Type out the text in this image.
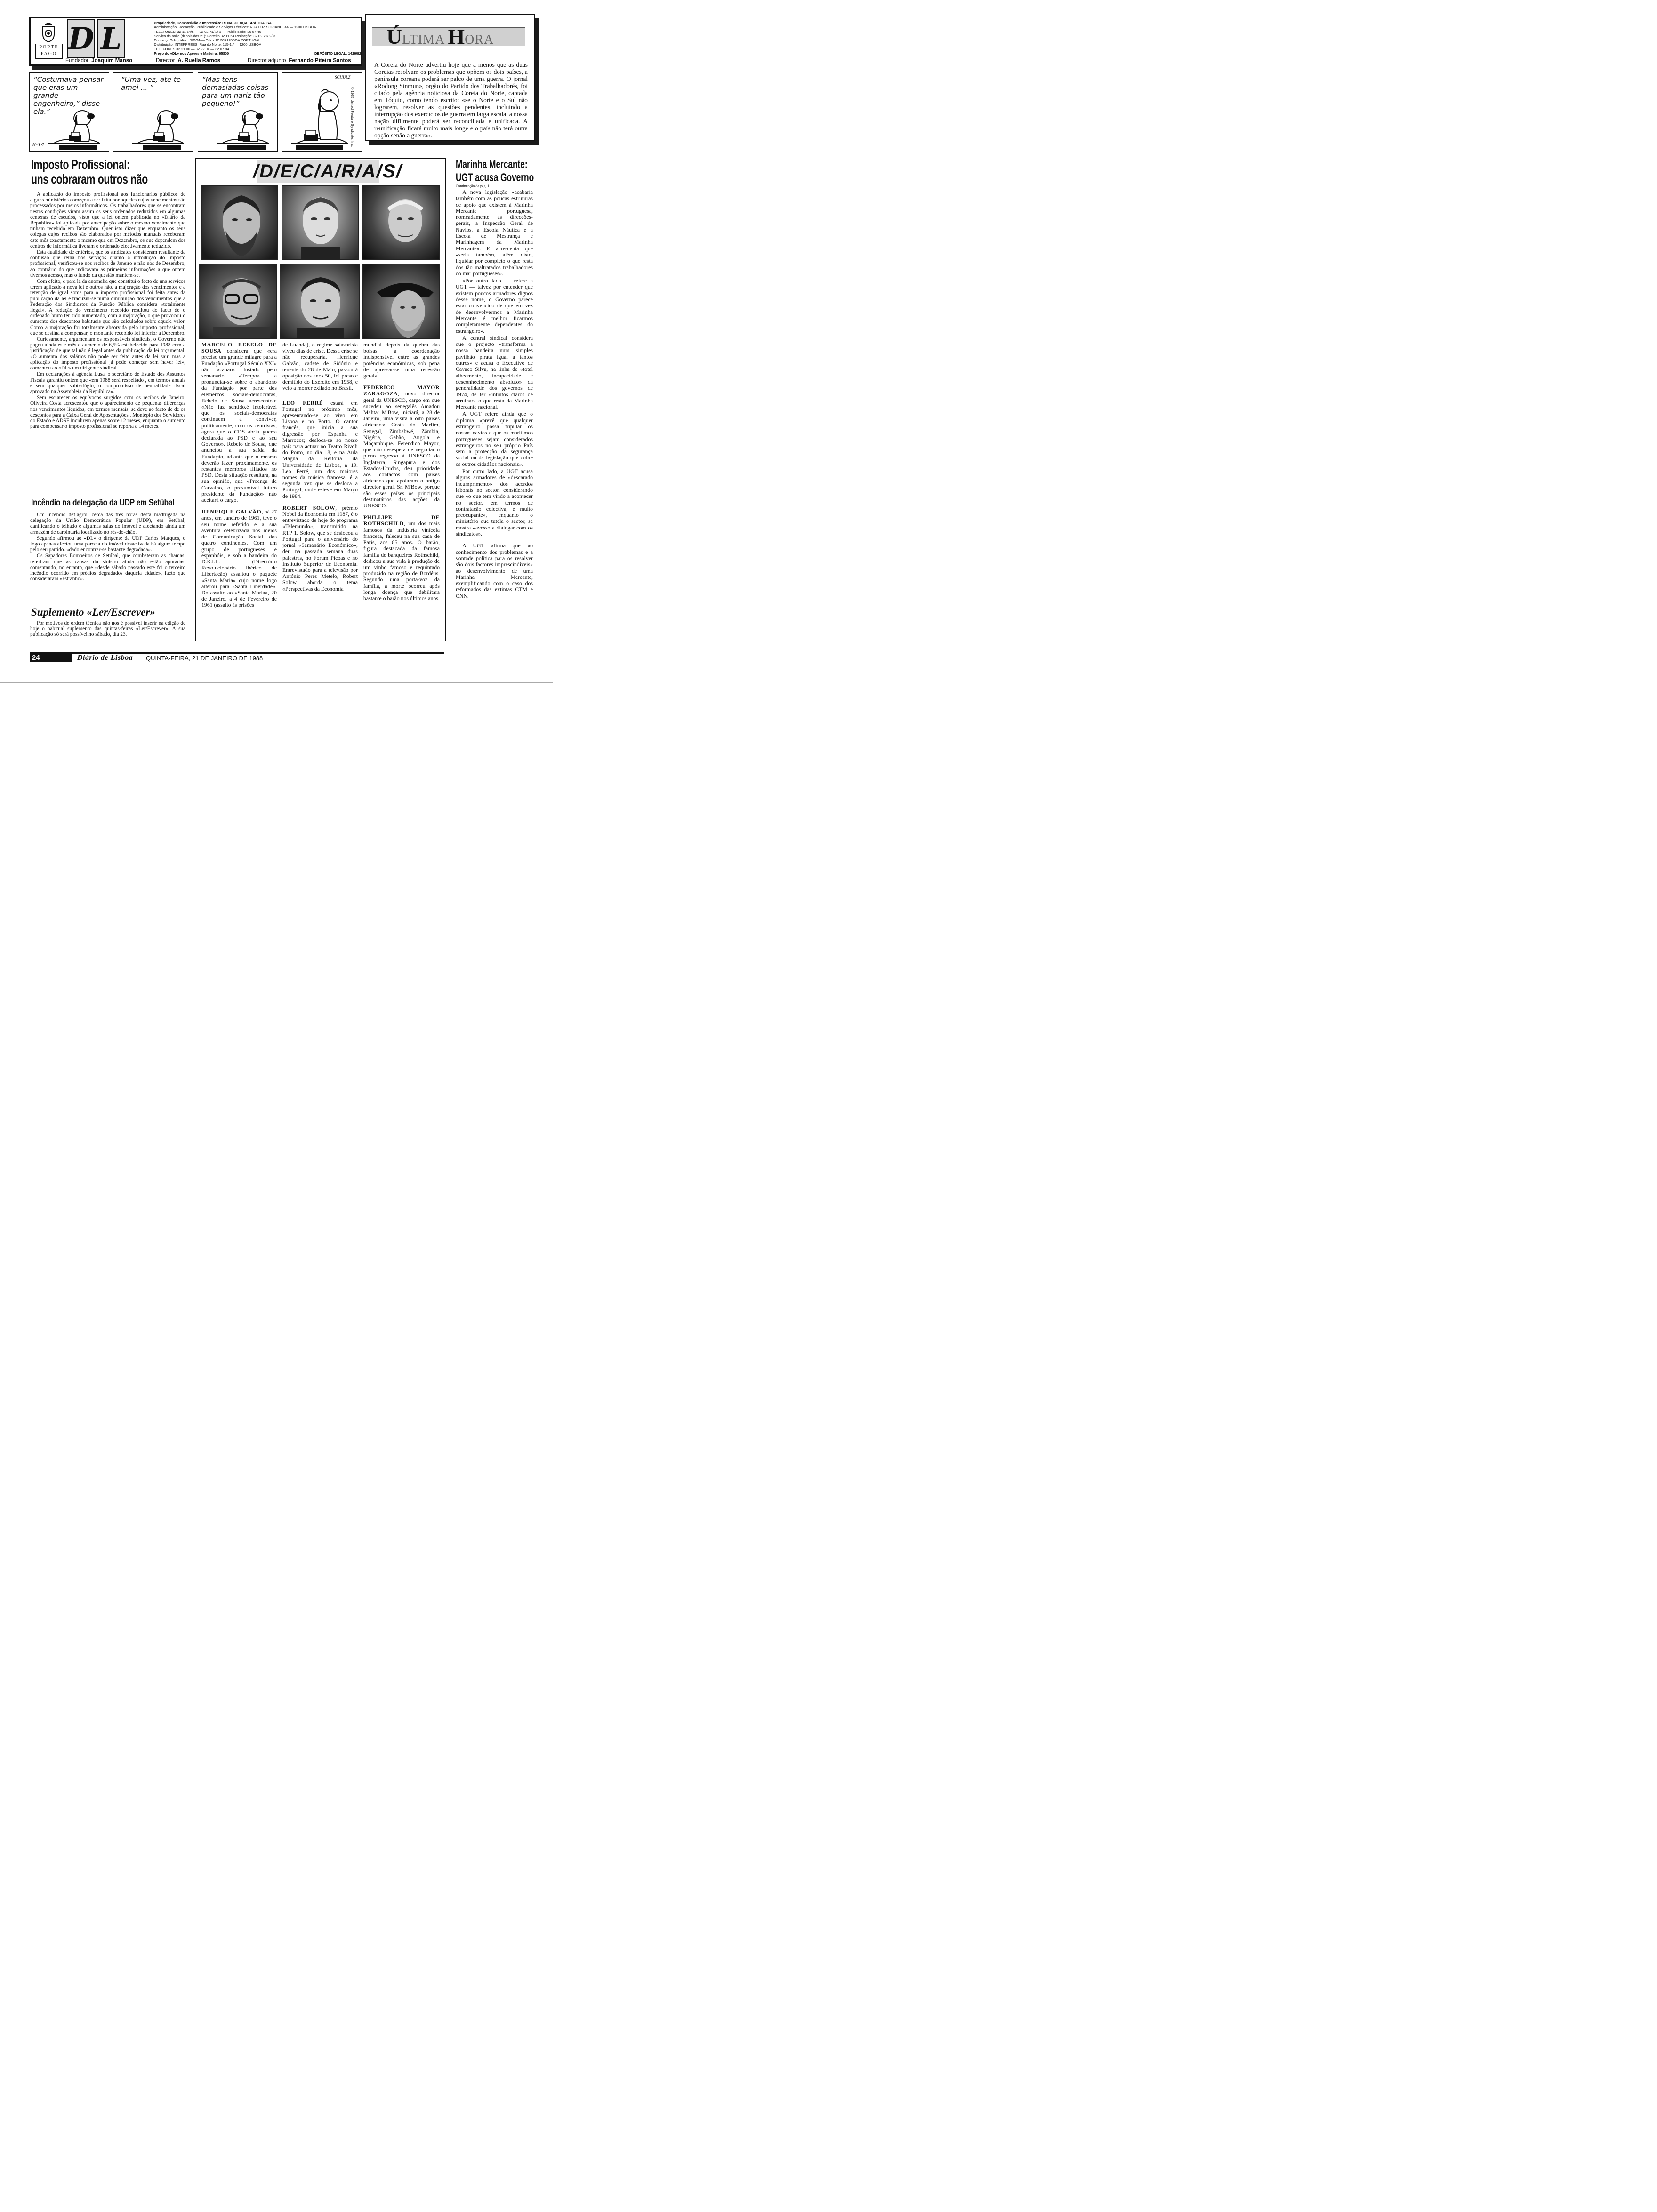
PORTE
PAGO D L	Propriedade, Composição e Impressão: RENASCENÇA GRÁFICA, SA
Administração, Redacção, Publicidade e Serviços Técnicos: RUA LUZ SORIANO, 44 — 1200 LISBOA
TELEFONES: 32 11 54/5 — 32 02 71/ 2/ 3 — Publicidade: 36 87 40
Serviço da noite (depois das 21): Porteiro 32 11 54 Redacção: 32 02 71/ 2/ 3
Endereço Telegráfico: DIBOA — Telex 12 363 LISBOA PORTUGAL
Distribuição: INTERPRESS, Rua do Norte, 115-1.º — 1200 LISBOA
TELEFONES 32 21 00 — 32 22 04 — 32 07 84
Preço do «DL» nos Açores e Madeira: 65$00	DEPÓSITO LEGAL: 1426/82
Fundador Joaquim Manso	Director A. Ruella Ramos	Director adjunto Fernando Piteira Santos
ÚLTIMA HORA
A Coreia do Norte advertiu hoje que a menos que as duas Coreias resolvam os problemas que opõem os dois países, a península coreana poderá ser palco de uma guerra. O jornal «Rodong Sinmun», orgão do Partido dos Trabalhadorés, foi citado pela agência noticiosa da Coreia do Norte, captada em Tóquio, como tendo escrito: «se o Norte e o Sul não lograrem, resolver as questões pendentes, incluindo a interrupção dos exercícios de guerra em larga escala, a nossa nação difilmente poderá ser reconciliada e unificada. A reunificação ficará muito mais longe e o país não terá outra opção senão a guerra».
“Costumava pensar que eras um grande engenheiro,” disse ela.”
8-14
“Uma vez, ate te amei ... ”
“Mas tens demasiadas coisas para um nariz tão pequeno!”
SCHULZ
© 1965 United Feature Syndicate, Inc.
Imposto Profissional:
uns cobraram outros não

A aplicação do imposto profissional aos funcionários públicos de alguns ministérios começou a ser feita por aqueles cujos vencimentos são processados por meios informáticos. Os trabalhadores que se encontram nestas condições viram assim os seus ordenados reduzidos em algumas centenas de escudos, visto que a lei ontem publicada no «Diário da República» foi aplicada por antecipação sobre o mesmo vencimento que tinham recebido em Dezembro. Quer isto dizer que enquanto os seus colegas cujos recibos são elaborados por métodos manuais receberam este mês exactamente o mesmo que em Dezembro, os que dependem dos centros de informática tiveram o ordenado efectivamente reduzido.

Esta dualidade de critérios, que os sindicatos consideram resultante da confusão que reina nos serviços quanto à introdução do imposto profissional, verificou-se nos recibos de Janeiro e não nos de Dezembro, ao contrário do que indicavam as primeiras informações a que ontem tivemos acesso, mas o fundo da questão mantem-se.

Com efeito, e para lá da anomalia que constitui o facto de uns serviços terem aplicado a nova lei e outros não, a majoração dos vencimentos e a retenção de igual soma para o imposto profissional foi feita antes da publicação da lei e traduziu-se numa diminuição dos vencimentos que a Federação dos Sindicatos da Função Pública considera «totalmente ilegal». A redução do vencimeno recebido resultou do facto de o ordenado bruto ter sido aumentado, com a majoração, o que provocou o aumento dos descontos habituais que são calculados sobre aquele valor. Como a majoração foi totalmente absorvida pelo imposto profissional, que se destina a compensar, o montante recebido foi inferior a Dezembro.

Curiosamente, argumentam os responsáveis sindicais, o Governo não pagou ainda este mês o aumento de 6,5% estabelecido para 1988 com a justificação de que tal não é legal antes da publicação da lei orçamental. «O aumento dos salários não pode ser feito antes da lei sair, mas a aplicação do imposto profissional já pode começar sem haver lei», comentou ao «DL» um dirigente sindical.

Em declarações à agência Lusa, o secretário de Estado dos Assuntos Fiscais garantiu ontem que «em 1988 será respeitado , em termos anuais e sem qualquer subterfúgio, o compromisso de neutralidade fiscal aprovado na Assembleia da República».

Sem esclarecer os equívocos surgidos com os recibos de Janeiro, Oliveira Costa acrescentou que o aparecimento de pequenas diferenças nos vencimentos líquidos, em termos mensais, se deve ao facto de de os descontos para a Caixa Geral de Aposentações , Montepio dos Servidores do Estado e ADSE incidirem apenas sobre 12 meses, enquanto o aumento para compensar o imposto profissional se reporta a 14 meses.

Incêndio na delegação da UDP em Setúbal

Um incêndio deflagrou cerca das três horas desta madrugada na delegação da União Democrática Popular (UDP), em Setúbal, danificando o telhado e algumas salas do imóvel e afectando ainda um armazém de carpintaria localizado no rés-do-chão.

Segundo afirmou ao «DL» o dirigente da UDP Carlos Marques, o fogo apenas afectou uma parcela do imóvel desactivada há algum tempo pelo seu partido. «dado encontrar-se bastante degradada».

Os Sapadores Bombeiros de Setúbal, que combateram as chamas, referiram que as causas do sinistro ainda não estão apuradas, comentando, no entanto, que «desde sábado passado este foi o terceiro incêndio ocorrido em prédios degradados daquela cidade», facto que consideraram «estranho».

Suplemento «Ler/Escrever»

Por motivos de ordem técnica não nos é possível inserir na edição de hoje o habitual suplemento das quintas-feiras «Ler/Escrever». A sua publicação só será possível no sábado, dia 23.

/D/E/C/A/R/A/S/

MARCELO REBELO DE SOUSA considera que «era preciso um grande milagre para a Fundação «Portugal Século XXI» não acabar». Instado pelo semanário «Tempo» a pronunciar-se sobre o abandono da Fundação por parte dos elementos sociais-democratas, Rebelo de Sousa acrescentou: «Não faz sentido,é intolerável que os sociais-democratas continuem a conviver, politicamente, com os centristas, agora que o CDS abriu guerra declarada ao PSD e ao seu Governo». Rebelo de Sousa, que anunciou a sua saída da Fundação, adianta que o mesmo deverão fazer, proximamente, os restantes membros filiados no PSD. Desta situação resultará, na sua opinião, que «Proença de Carvalho, o presumível futuro presidente da Fundação» não aceitará o cargo.

HENRIQUE GALVÃO, há 27 anos, em Janeiro de 1961, teve o seu nome referido e a sua aventura celebrizada nos meios de Comunicação Social dos quatro continentes. Com um grupo de portugueses e espanhóis, e sob a bandeira do D.R.I.L. (Directório Revolucionário Ibérico de Libertação) assaltou o paquete «Santa Maria» cujo nome logo alterou para «Santa Liberdade». Do assalto ao «Santa Maria», 20 de Janeiro, a 4 de Fevereiro de 1961 (assalto às prisões

de Luanda), o regime salazarista viveu dias de crise. Dessa crise se não recuperaria. Henrique Galvão, cadete de Sidónio e tenente do 28 de Maio, passou à oposição nos anos 50, foi preso e demitido do Exército em 1958, e veio a morrer exilado no Brasil.

LEO FERRÉ estará em Portugal no próximo mês, apresentando-se ao vivo em Lisboa e no Porto. O cantor francês, que inicia a sua digressão por Espanha e Marrocos; desloca-se ao nosso país para actuar no Teatro Rivoli do Porto, no dia 18, e na Aula Magna da Reitoria da Universidade de Lisboa, a 19. Leo Ferré, um dos maiores nomes da música francesa, é a segunda vez que se desloca a Portugal, onde esteve em Março de 1984.

ROBERT SOLOW, prémio Nobel da Economia em 1987, é o entrevistado de hoje do programa «Telemundo», transmitido na RTP 1. Solow, que se deslocou a Portugal para o aniversário do jornal «Semanário Económico», deu na passada semana duas palestras, no Forum Picoas e no Instituto Superior de Economia. Entrevistado para a televisão por António Peres Metelo, Robert Solow aborda o tema «Perspectivas da Economia

mundial depois da quebra das bolsas: a coordenação indispensável entre as grandes potências económicas, sob pena de apressar-se uma recessão geral».

FEDERICO MAYOR ZARAGOZA, novo director geral da UNESCO, cargo em que sucedeu ao senegalês Amadou Mahtar M'Bow, iniciará, a 28 de Janeiro, uma visita a oito países africanos: Costa do Marfim, Senegal, Zimbabwé, Zâmbia, Nigéria, Gabão, Angola e Moçambique. Ferendico Mayor, que não desespera de negociar o pleno regresso à UNESCO da Inglaterra, Singapura e dos Estados-Unidos, deu prioridade aos contactos com países africanos que apoiaram o antigo director geral, Sr. M'Bow, porque são esses países os principais destinatários das acções da UNESCO.

PHILLIPE DE ROTHSCHILD, um dos mais famosos da indústria vinícola francesa, faleceu na sua casa de Paris, aos 85 anos. O barão, figura destacada da famosa família de banqueiros Rothschild, dedicou a sua vida à produção de um vinho famoso e requintado produzido na região de Bordéus. Segundo uma porta-voz da família, a morte ocorreu após longa doença que debilitara bastante o barão nos últimos anos.

Marinha Mercante:
UGT acusa Governo
Continuação da pág. 1

A nova legislação «acabaria também com as poucas estruturas de apoio que existem à Marinha Mercante portuguesa, nomeadamente as direcções-gerais, a Inspecção Geral de Navios, a Escola Náutica e a Escola de Mestrança e Marinhagem da Marinha Mercante». E acrescenta que «seria também, além disto, liquidar por completo o que resta dos tão maltratados trabalhadores do mar portugueses».

«Por outro lado — refere a UGT — talvez por entender que existem poucos armadores dignos desse nome, o Governo parece estar convencido de que em vez de desenvolvermos a Marinha Mercante é melhor ficarmos completamente dependentes do estrangeiro».

A central sindical considera que o projecto «transforma a nossa bandeira num simples pavilhão pirata igual a tantos outros» e acusa o Executivo de Cavaco Silva, na linha de «total alheamento, incapacidade e desconhecimento absoluto» da generalidade dos governos de 1974, de ter «intuitos claros de arruinar» o que resta da Marinha Mercante nacional.

A UGT refere ainda que o diploma «prevê que qualquer estrangeiro possa tripular os nossos navios e que os marítimos portugueses sejam considerados estrangeiros no seu próprio País sem a protecção da segurança social ou da legislação que cobre os outros cidadãos nacionais».

Por outro lado, a UGT acusa alguns armadores de «descarado incumprimento» dos acordos laborais no sector, considerando que «o que tem vindo a acontecer no sector, em termos de contratação colectiva, é muito preocupante», enquanto o ministério que tutela o sector, se mostra «avesso a dialogar com os sindicatos».

A UGT afirma que «o conhecimento dos problemas e a vontade política para os resolver são dois factores imprescindíveis» ao desenvolvimento de uma Marinha Mercante, exemplificando com o caso dos reformados das extintas CTM e CNN.

24	Diário de Lisboa QUINTA-FEIRA, 21 DE JANEIRO DE 1988
